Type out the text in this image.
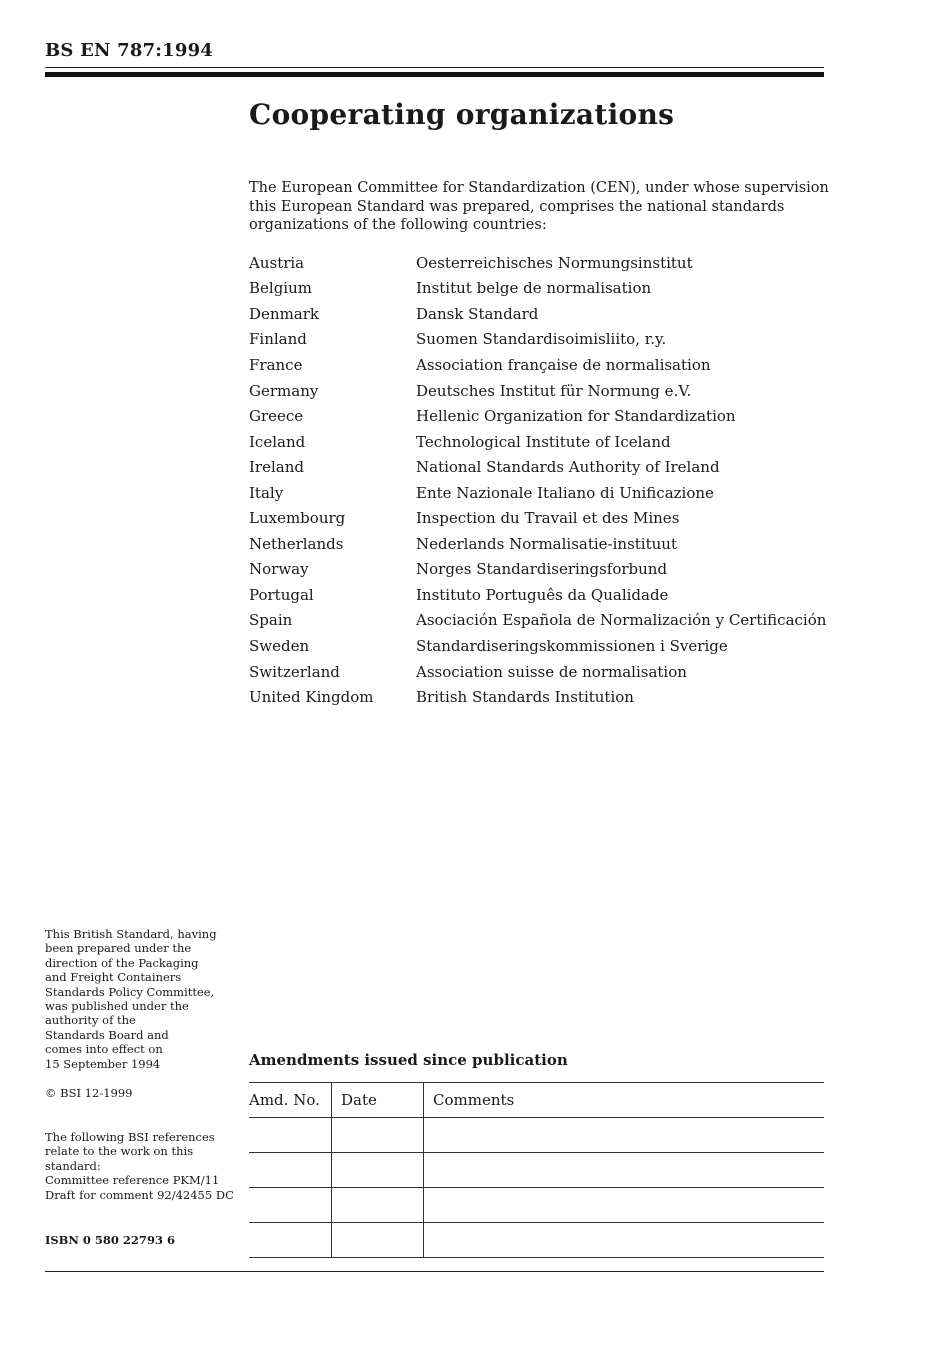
BS EN 787:1994
Cooperating organizations

The European Committee for Standardization (CEN), under whose supervision this European Standard was prepared, comprises the national standards organizations of the following countries:

Austria	Oesterreichisches Normungsinstitut
Belgium	Institut belge de normalisation
Denmark	Dansk Standard
Finland	Suomen Standardisoimisliito, r.y.
France	Association française de normalisation
Germany	Deutsches Institut für Normung e.V.
Greece	Hellenic Organization for Standardization
Iceland	Technological Institute of Iceland
Ireland	National Standards Authority of Ireland
Italy	Ente Nazionale Italiano di Unificazione
Luxembourg	Inspection du Travail et des Mines
Netherlands	Nederlands Normalisatie-instituut
Norway	Norges Standardiseringsforbund
Portugal	Instituto Português da Qualidade
Spain	Asociación Española de Normalización y Certificación
Sweden	Standardiseringskommissionen i Sverige
Switzerland	Association suisse de normalisation
United Kingdom	British Standards Institution

This British Standard, having
been prepared under the
direction of the Packaging
and Freight Containers
Standards Policy Committee,
was published under the
authority of the
Standards Board and
comes into effect on
15 September 1994

© BSI 12-1999

The following BSI references
relate to the work on this
standard:
Committee reference PKM/11
Draft for comment 92/42455 DC

ISBN 0 580 22793 6

Amendments issued since publication
Amd. No.	Date	Comments
